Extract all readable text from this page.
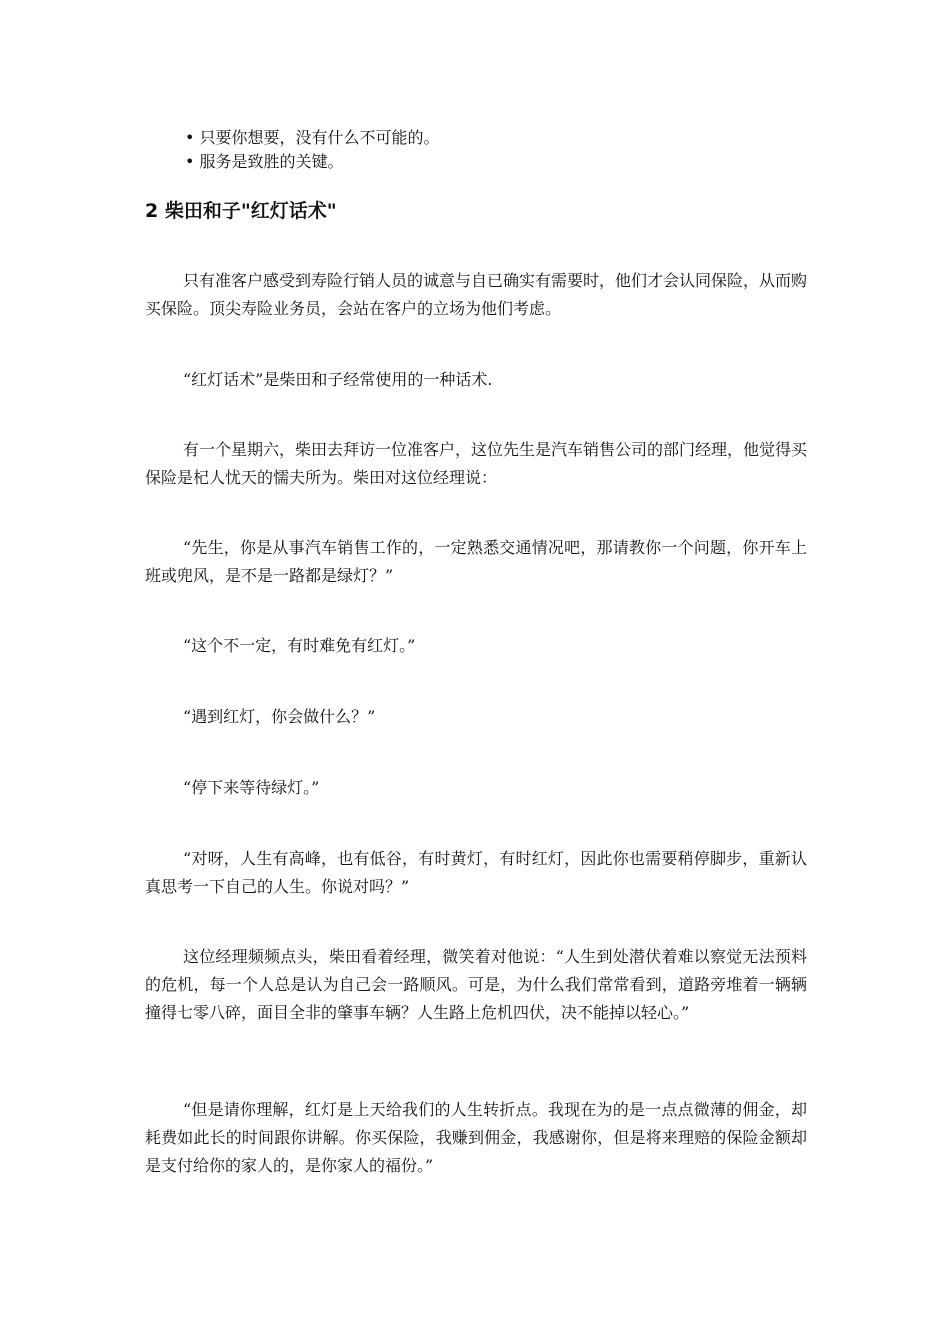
• 只要你想要，没有什么不可能的。
• 服务是致胜的关键。
2 柴田和子"红灯话术"

只有准客户感受到寿险行销人员的诚意与自已确实有需要时，他们才会认同保险，从而购买保险。顶尖寿险业务员，会站在客户的立场为他们考虑。

“红灯话术”是柴田和子经常使用的一种话术.

有一个星期六，柴田去拜访一位准客户，这位先生是汽车销售公司的部门经理，他觉得买保险是杞人忧天的懦夫所为。柴田对这位经理说：

“先生，你是从事汽车销售工作的，一定熟悉交通情况吧，那请教你一个问题，你开车上班或兜风，是不是一路都是绿灯？”

“这个不一定，有时难免有红灯。”

“遇到红灯，你会做什么？”

“停下来等待绿灯。”

“对呀，人生有高峰，也有低谷，有时黄灯，有时红灯，因此你也需要稍停脚步，重新认真思考一下自己的人生。你说对吗？”

这位经理频频点头，柴田看着经理，微笑着对他说：“人生到处潜伏着难以察觉无法预料的危机，每一个人总是认为自己会一路顺风。可是，为什么我们常常看到，道路旁堆着一辆辆撞得七零八碎，面目全非的肇事车辆？人生路上危机四伏，决不能掉以轻心。”

“但是请你理解，红灯是上天给我们的人生转折点。我现在为的是一点点微薄的佣金，却耗费如此长的时间跟你讲解。你买保险，我赚到佣金，我感谢你，但是将来理赔的保险金额却是支付给你的家人的，是你家人的福份。”
